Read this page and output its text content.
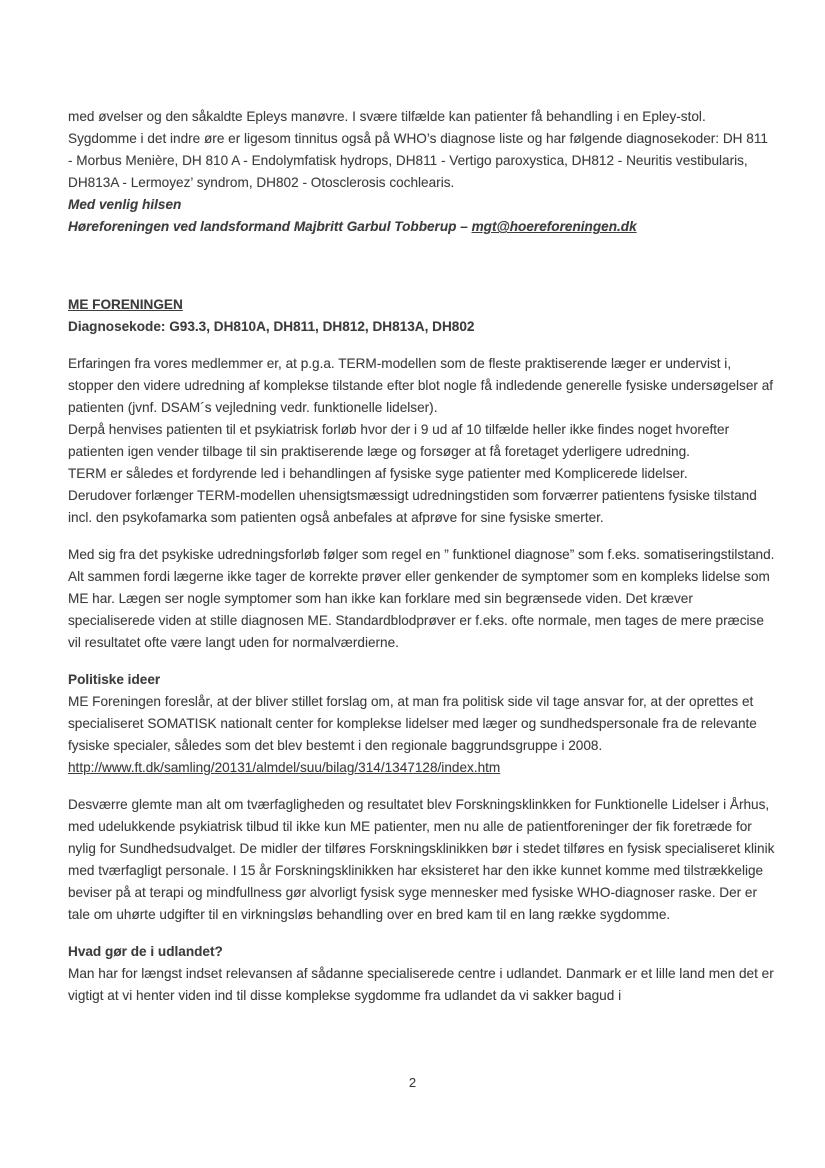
med øvelser og den såkaldte Epleys manøvre. I svære tilfælde kan patienter få behandling i en Epley-stol. Sygdomme i det indre øre er ligesom tinnitus også på WHO’s diagnose liste og har følgende diagnosekoder: DH 811 - Morbus Menière, DH 810 A - Endolymfatisk hydrops, DH811 - Vertigo paroxystica, DH812 - Neuritis vestibularis, DH813A - Lermoyez’ syndrom, DH802 - Otosclerosis cochlearis.

Med venlig hilsen

Høreforeningen ved landsformand Majbritt Garbul Tobberup – mgt@hoereforeningen.dk

ME FORENINGEN

Diagnosekode: G93.3, DH810A, DH811, DH812, DH813A, DH802

Erfaringen fra vores medlemmer er, at p.g.a. TERM-modellen som de fleste praktiserende læger er undervist i, stopper den videre udredning af komplekse tilstande efter blot nogle få indledende generelle fysiske undersøgelser af patienten (jvnf. DSAM´s vejledning vedr. funktionelle lidelser).
Derpå henvises patienten til et psykiatrisk forløb hvor der i 9 ud af 10 tilfælde heller ikke findes noget hvorefter patienten igen vender tilbage til sin praktiserende læge og forsøger at få foretaget yderligere udredning.
TERM er således et fordyrende led i behandlingen af fysiske syge patienter med Komplicerede lidelser.
Derudover forlænger TERM-modellen uhensigtsmæssigt udredningstiden som forværrer patientens fysiske tilstand incl. den psykofamarka som patienten også anbefales at afprøve for sine fysiske smerter.

Med sig fra det psykiske udredningsforløb følger som regel en ” funktionel diagnose” som f.eks. somatiseringstilstand. Alt sammen fordi lægerne ikke tager de korrekte prøver eller genkender de symptomer som en kompleks lidelse som ME har. Lægen ser nogle symptomer som han ikke kan forklare med sin begrænsede viden. Det kræver specialiserede viden at stille diagnosen ME. Standardblodprøver er f.eks. ofte normale, men tages de mere præcise vil resultatet ofte være langt uden for normalværdierne.

Politiske ideer

ME Foreningen foreslår, at der bliver stillet forslag om, at man fra politisk side vil tage ansvar for, at der oprettes et specialiseret SOMATISK nationalt center for komplekse lidelser med læger og sundhedspersonale fra de relevante fysiske specialer, således som det blev bestemt i den regionale baggrundsgruppe i 2008. http://www.ft.dk/samling/20131/almdel/suu/bilag/314/1347128/index.htm

Desværre glemte man alt om tværfagligheden og resultatet blev Forskningsklinkken for Funktionelle Lidelser i Århus, med udelukkende psykiatrisk tilbud til ikke kun ME patienter, men nu alle de patientforeninger der fik foretræde for nylig for Sundhedsudvalget. De midler der tilføres Forskningsklinikken bør i stedet tilføres en fysisk specialiseret klinik med tværfagligt personale. I 15 år Forskningsklinikken har eksisteret har den ikke kunnet komme med tilstrækkelige beviser på at terapi og mindfullness gør alvorligt fysisk syge mennesker med fysiske WHO-diagnoser raske. Der er tale om uhørte udgifter til en virkningsløs behandling over en bred kam til en lang række sygdomme.

Hvad gør de i udlandet?

Man har for længst indset relevansen af sådanne specialiserede centre i udlandet. Danmark er et lille land men det er vigtigt at vi henter viden ind til disse komplekse sygdomme fra udlandet da vi sakker bagud i

2
